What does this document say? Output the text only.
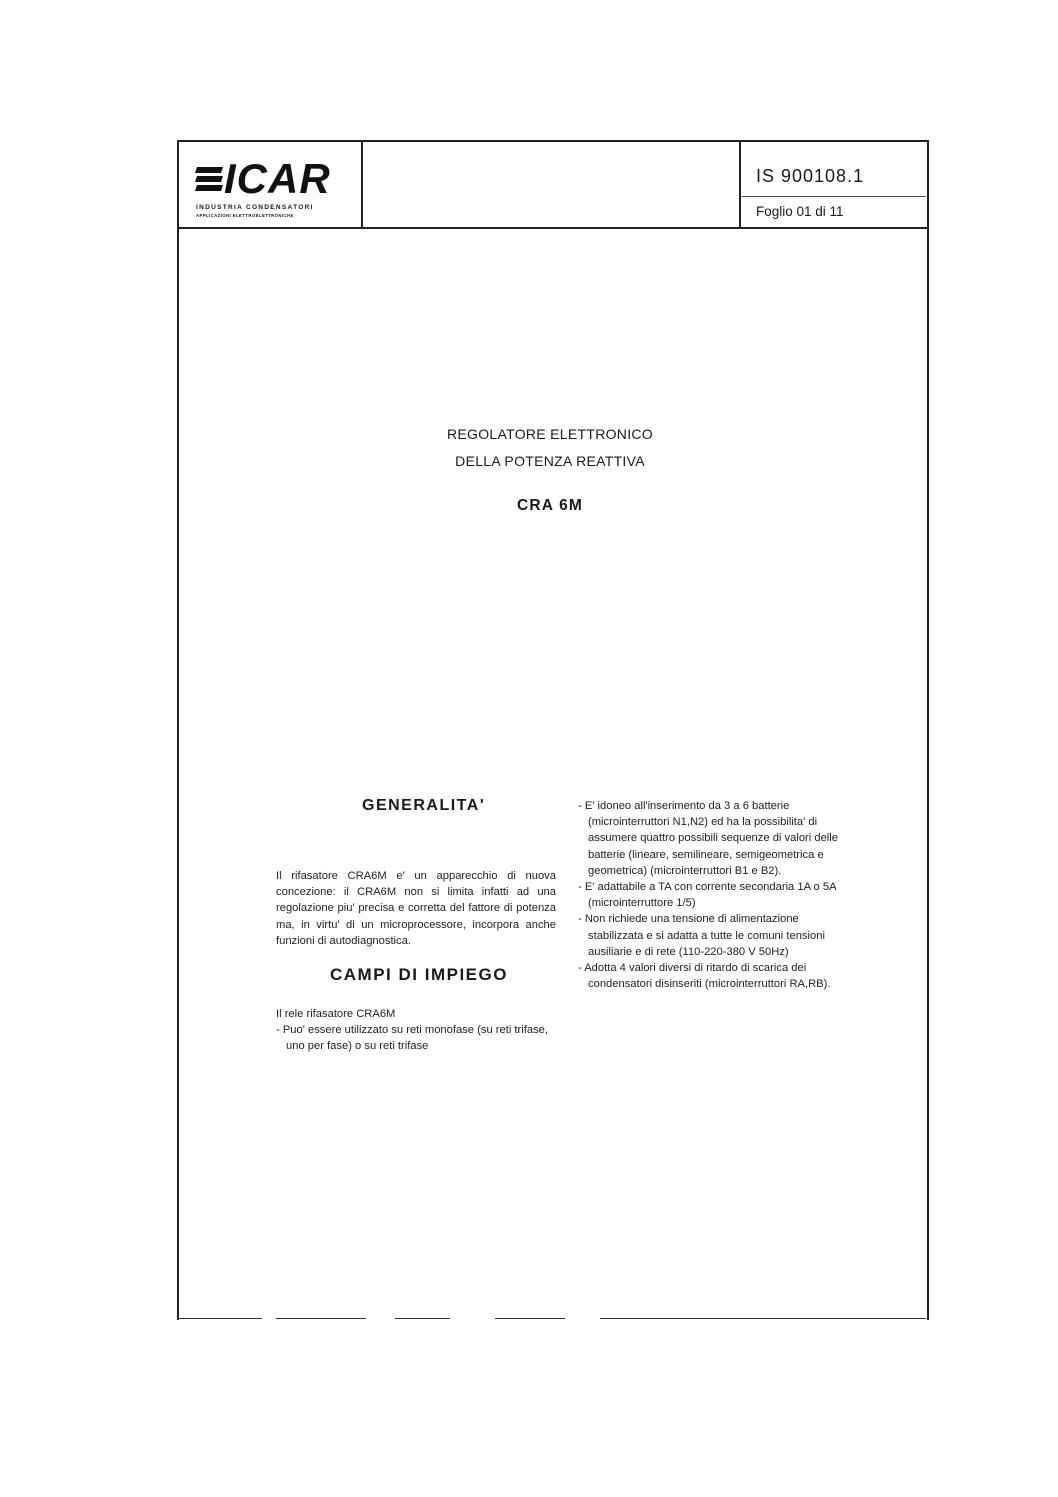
ICAR
INDUSTRIA CONDENSATORI
APPLICAZIONI ELETTROELETTRONICHE
IS 900108.1
Foglio 01 di 11
REGOLATORE ELETTRONICO
DELLA POTENZA REATTIVA
CRA 6M
GENERALITA'

Il rifasatore CRA6M e' un apparecchio di nuova concezione: il CRA6M non si limita infatti ad una regolazione piu' precisa e corretta del fattore di potenza ma, in virtu' di un microprocessore, incorpora anche funzioni di autodiagnostica.

CAMPI DI IMPIEGO

Il rele rifasatore CRA6M

- Puo' essere utilizzato su reti monofase (su reti trifase, uno per fase) o su reti trifase

- E' idoneo all'inserimento da 3 a 6 batterie (microinterruttori N1,N2) ed ha la possibilita' di assumere quattro possibili sequenze di valori delle batterie (lineare, semilineare, semigeometrica e geometrica) (microinterruttori B1 e B2).

- E' adattabile a TA con corrente secondaria 1A o 5A (microinterruttore 1/5)

- Non richiede una tensione di alimentazione stabilizzata e si adatta a tutte le comuni tensioni ausiliarie e di rete (110-220-380 V 50Hz)

- Adotta 4 valori diversi di ritardo di scarica dei condensatori disinseriti (microinterruttori RA,RB).
